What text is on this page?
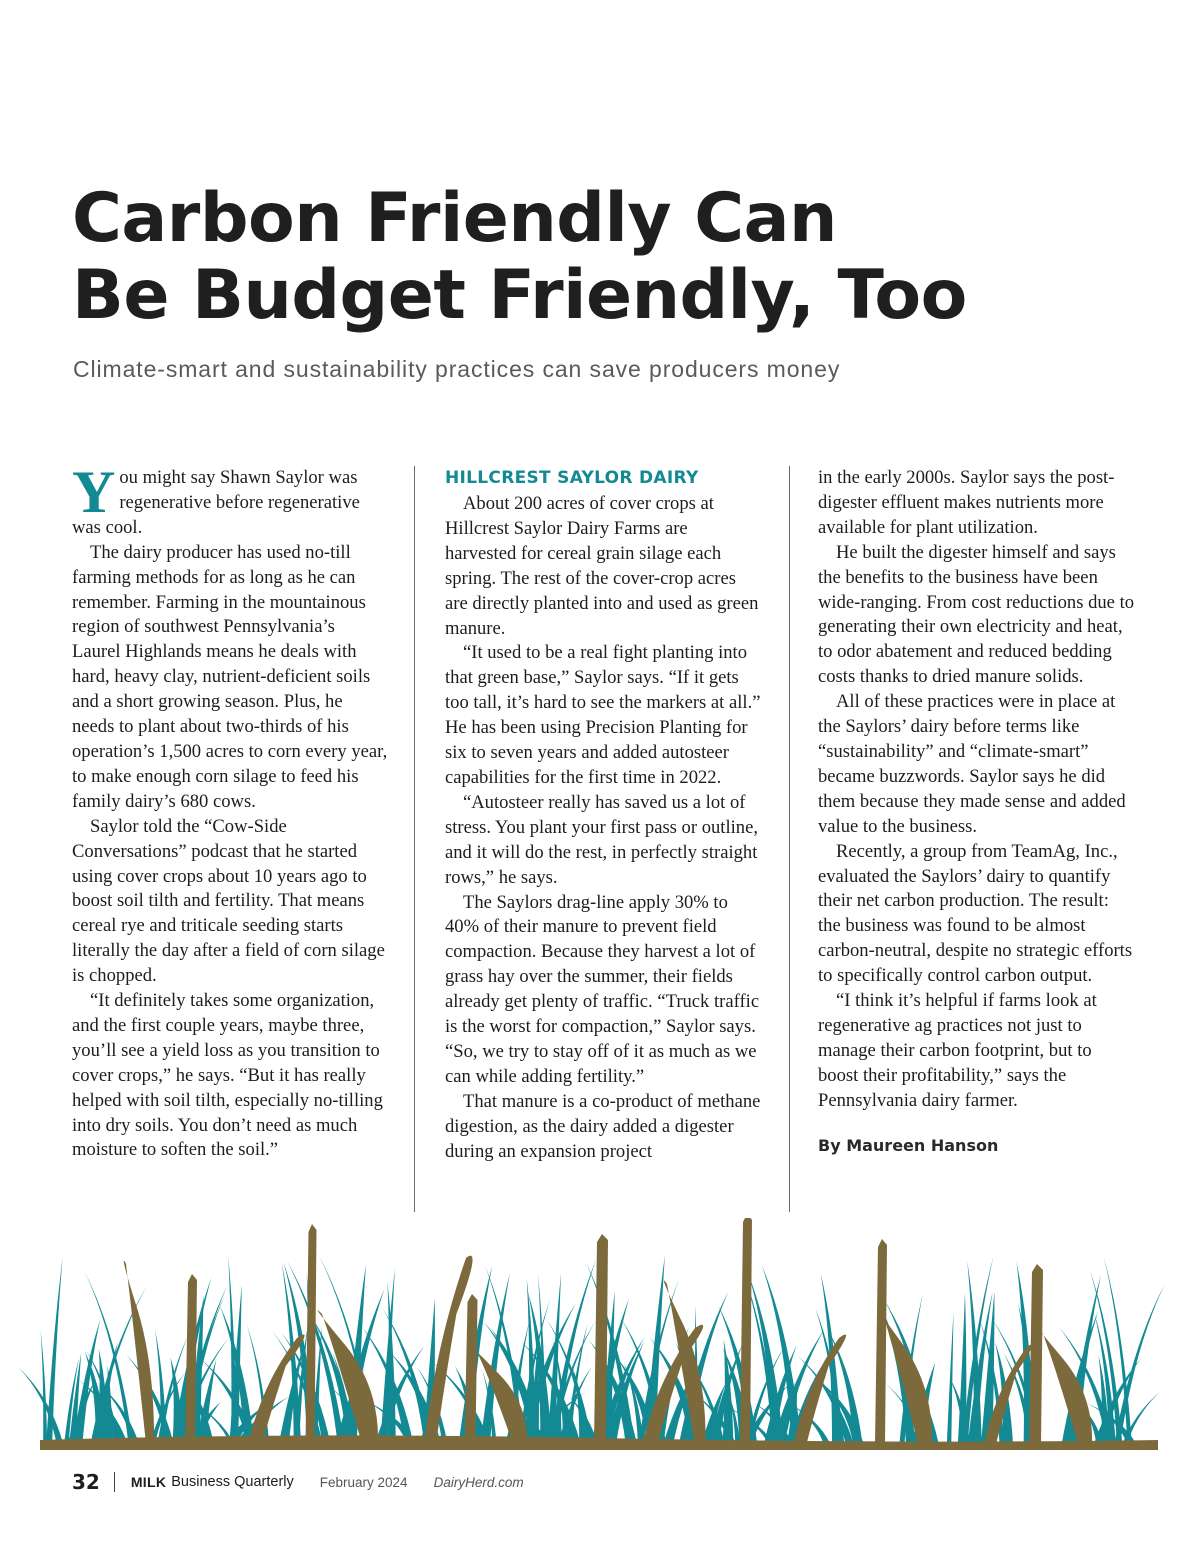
Carbon Friendly Can
Be Budget Friendly, Too

Climate-smart and sustainability practices can save producers money

You might say Shawn Saylor was regenerative before regenerative was cool.

The dairy producer has used no-till farming methods for as long as he can remember. Farming in the mountainous region of southwest Pennsylvania’s Laurel Highlands means he deals with hard, heavy clay, nutrient-deficient soils and a short growing season. Plus, he needs to plant about two-thirds of his operation’s 1,500 acres to corn every year, to make enough corn silage to feed his family dairy’s 680 cows.

Saylor told the “Cow-Side Conversations” podcast that he started using cover crops about 10 years ago to boost soil tilth and fertility. That means cereal rye and triticale seeding starts literally the day after a field of corn silage is chopped.

“It definitely takes some organization, and the first couple years, maybe three, you’ll see a yield loss as you transition to cover crops,” he says. “But it has really helped with soil tilth, especially no-tilling into dry soils. You don’t need as much moisture to soften the soil.”

HILLCREST SAYLOR DAIRY

About 200 acres of cover crops at Hillcrest Saylor Dairy Farms are harvested for cereal grain silage each spring. The rest of the cover-crop acres are directly planted into and used as green manure.

“It used to be a real fight planting into that green base,” Saylor says. “If it gets too tall, it’s hard to see the markers at all.” He has been using Precision Planting for six to seven years and added autosteer capabilities for the first time in 2022.

“Autosteer really has saved us a lot of stress. You plant your first pass or outline, and it will do the rest, in perfectly straight rows,” he says.

The Saylors drag-line apply 30% to 40% of their manure to prevent field compaction. Because they harvest a lot of grass hay over the summer, their fields already get plenty of traffic. “Truck traffic is the worst for compaction,” Saylor says. “So, we try to stay off of it as much as we can while adding fertility.”

That manure is a co-product of methane digestion, as the dairy added a digester during an expansion project

in the early 2000s. Saylor says the post-digester effluent makes nutrients more available for plant utilization.

He built the digester himself and says the benefits to the business have been wide-ranging. From cost reductions due to generating their own electricity and heat, to odor abatement and reduced bedding costs thanks to dried manure solids.

All of these practices were in place at the Saylors’ dairy before terms like “sustainability” and “climate-smart” became buzzwords. Saylor says he did them because they made sense and added value to the business.

Recently, a group from TeamAg, Inc., evaluated the Saylors’ dairy to quantify their net carbon production. The result: the business was found to be almost carbon-neutral, despite no strategic efforts to specifically control carbon output.

“I think it’s helpful if farms look at regenerative ag practices not just to manage their carbon footprint, but to boost their profitability,” says the Pennsylvania dairy farmer.

By Maureen Hanson
32 MILK Business Quarterly February 2024 DairyHerd.com
